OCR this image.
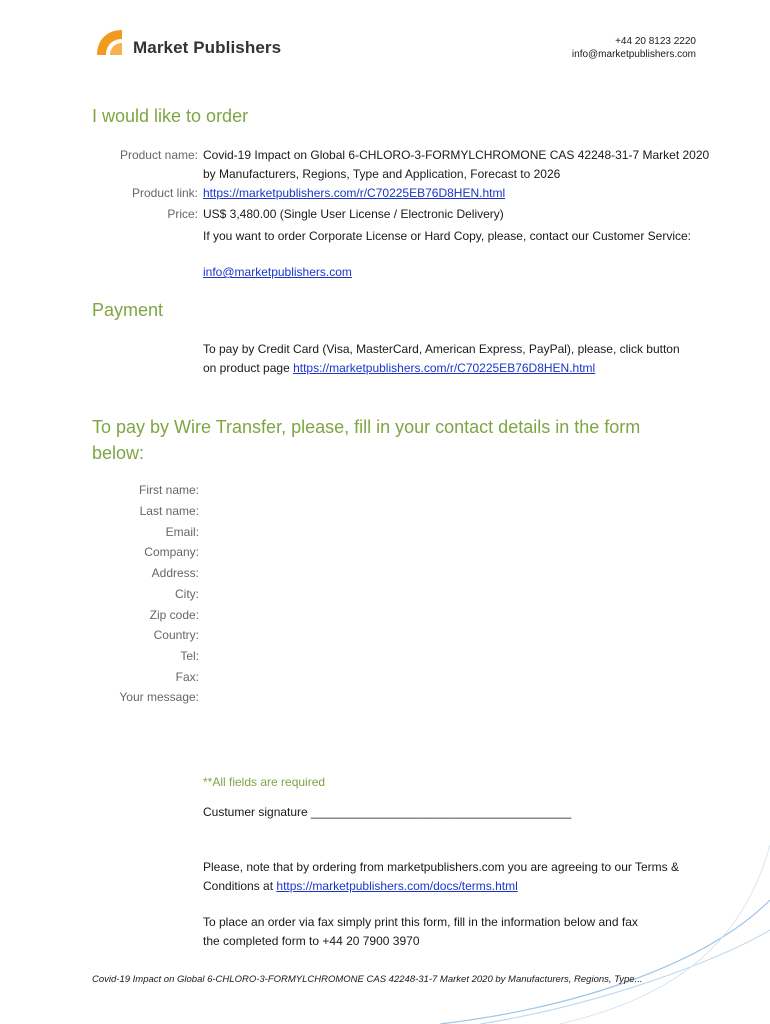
Market Publishers	+44 20 8123 2220
info@marketpublishers.com
I would like to order
Product name: Covid-19 Impact on Global 6-CHLORO-3-FORMYLCHROMONE CAS 42248-31-7 Market 2020 by Manufacturers, Regions, Type and Application, Forecast to 2026
Product link: https://marketpublishers.com/r/C70225EB76D8HEN.html
Price: US$ 3,480.00 (Single User License / Electronic Delivery)
If you want to order Corporate License or Hard Copy, please, contact our Customer Service:
info@marketpublishers.com
Payment
To pay by Credit Card (Visa, MasterCard, American Express, PayPal), please, click button on product page https://marketpublishers.com/r/C70225EB76D8HEN.html
To pay by Wire Transfer, please, fill in your contact details in the form below:
First name:
Last name:
Email:
Company:
Address:
City:
Zip code:
Country:
Tel:
Fax:
Your message:
**All fields are required
Custumer signature _______________________________________
Please, note that by ordering from marketpublishers.com you are agreeing to our Terms & Conditions at https://marketpublishers.com/docs/terms.html
To place an order via fax simply print this form, fill in the information below and fax the completed form to +44 20 7900 3970
Covid-19 Impact on Global 6-CHLORO-3-FORMYLCHROMONE CAS 42248-31-7 Market 2020 by Manufacturers, Regions, Type...
